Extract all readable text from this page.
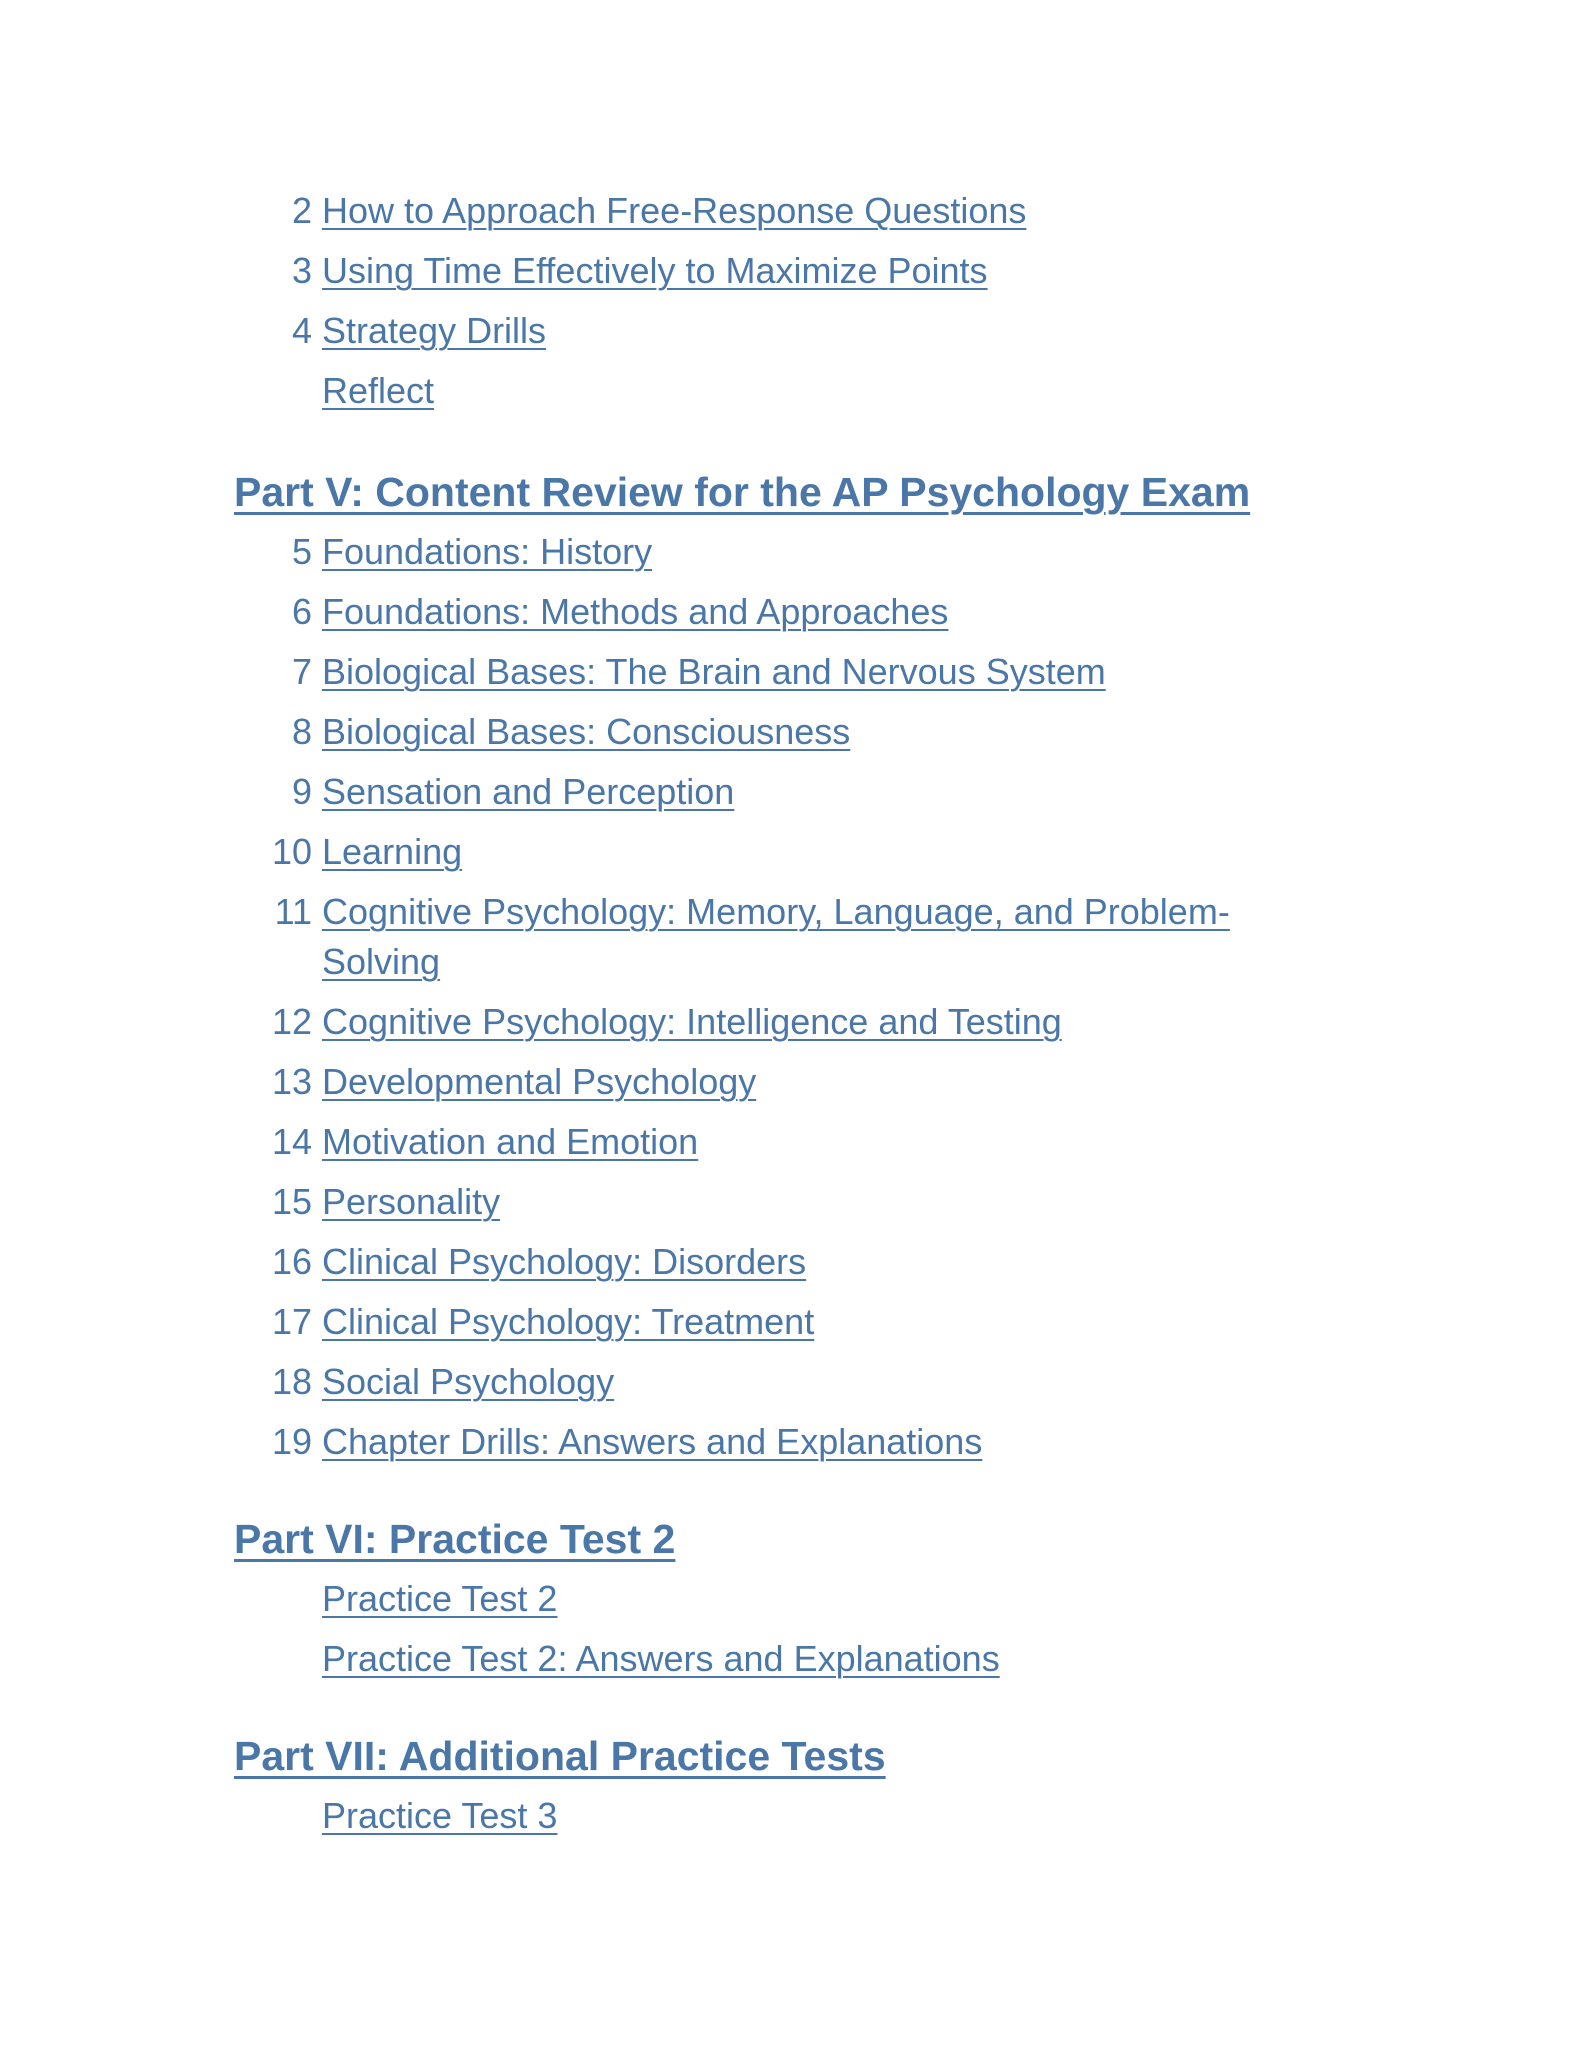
2 How to Approach Free-Response Questions
3 Using Time Effectively to Maximize Points
4 Strategy Drills
Reflect
Part V: Content Review for the AP Psychology Exam
5 Foundations: History
6 Foundations: Methods and Approaches
7 Biological Bases: The Brain and Nervous System
8 Biological Bases: Consciousness
9 Sensation and Perception
10 Learning
11 Cognitive Psychology: Memory, Language, and Problem-Solving
12 Cognitive Psychology: Intelligence and Testing
13 Developmental Psychology
14 Motivation and Emotion
15 Personality
16 Clinical Psychology: Disorders
17 Clinical Psychology: Treatment
18 Social Psychology
19 Chapter Drills: Answers and Explanations
Part VI: Practice Test 2
Practice Test 2
Practice Test 2: Answers and Explanations
Part VII: Additional Practice Tests
Practice Test 3
